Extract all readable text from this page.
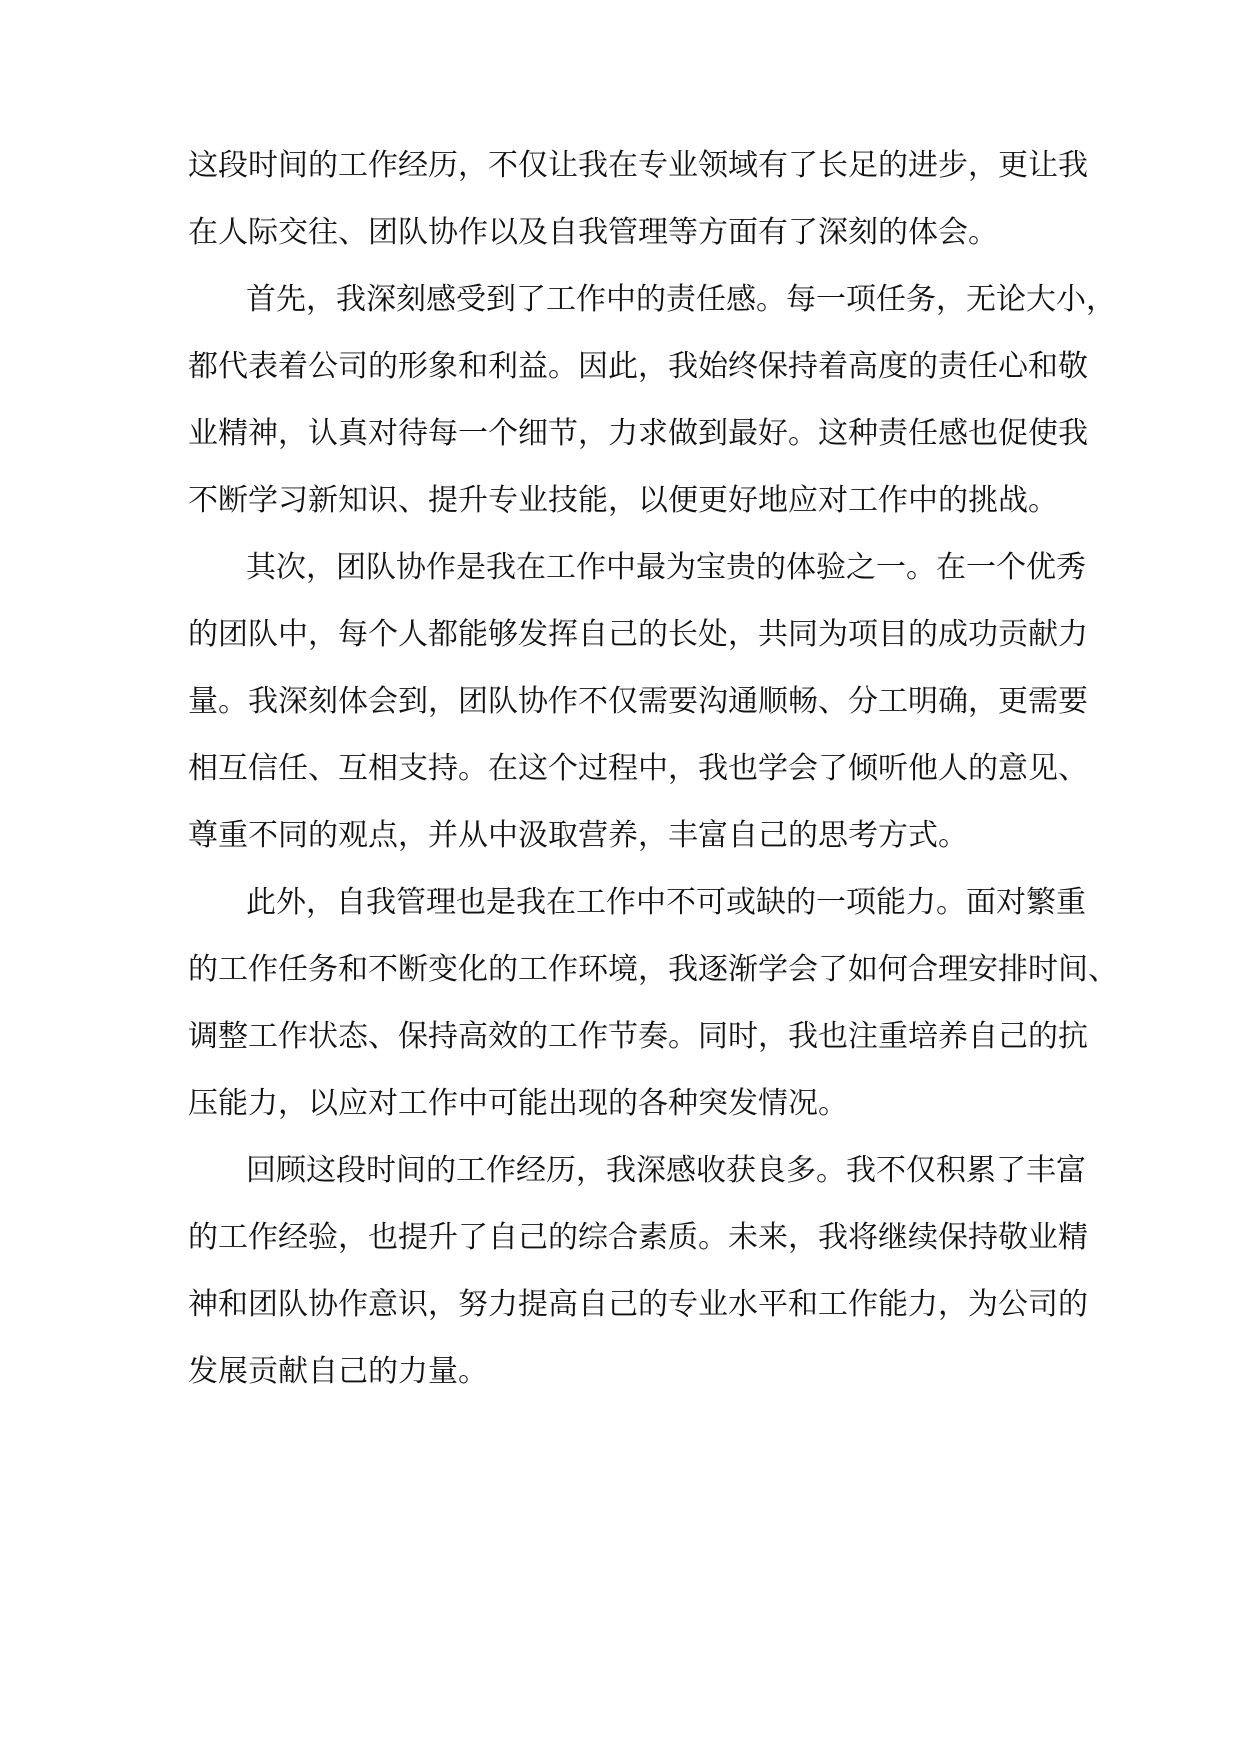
这段时间的工作经历，不仅让我在专业领域有了长足的进步，更让我
在人际交往、团队协作以及自我管理等方面有了深刻的体会。
首先，我深刻感受到了工作中的责任感。每一项任务，无论大小，
都代表着公司的形象和利益。因此，我始终保持着高度的责任心和敬
业精神，认真对待每一个细节，力求做到最好。这种责任感也促使我
不断学习新知识、提升专业技能，以便更好地应对工作中的挑战。
其次，团队协作是我在工作中最为宝贵的体验之一。在一个优秀
的团队中，每个人都能够发挥自己的长处，共同为项目的成功贡献力
量。我深刻体会到，团队协作不仅需要沟通顺畅、分工明确，更需要
相互信任、互相支持。在这个过程中，我也学会了倾听他人的意见、
尊重不同的观点，并从中汲取营养，丰富自己的思考方式。
此外，自我管理也是我在工作中不可或缺的一项能力。面对繁重
的工作任务和不断变化的工作环境，我逐渐学会了如何合理安排时间、
调整工作状态、保持高效的工作节奏。同时，我也注重培养自己的抗
压能力，以应对工作中可能出现的各种突发情况。
回顾这段时间的工作经历，我深感收获良多。我不仅积累了丰富
的工作经验，也提升了自己的综合素质。未来，我将继续保持敬业精
神和团队协作意识，努力提高自己的专业水平和工作能力，为公司的
发展贡献自己的力量。
